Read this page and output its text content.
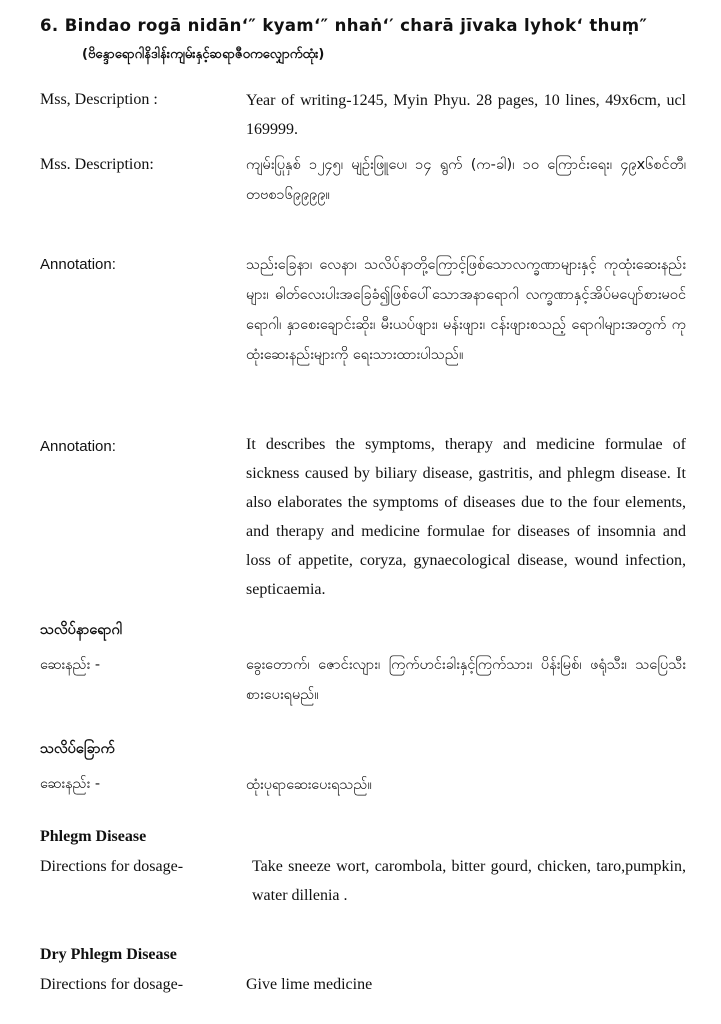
6. Bindao rogā nidān‘″ kyam‘″ nhaṅ‘′ charā jīvaka lyhok‘ thuṃ″
(ဗိန္ဒောရောဂါနိဒါန်းကျမ်းနှင့်ဆရာဇီဝကလျှောက်ထုံး)
Mss, Description :	Year of writing-1245, Myin Phyu. 28 pages, 10 lines, 49x6cm, ucl 169999.
Mss. Description:	ကျမ်းပြုနှစ် ၁၂၄၅၊ မျဉ်းဖြူပေ၊ ၁၄ ရွက် (က-ခါ)၊ ၁၀ ကြောင်းရေး၊ ၄၉x၆စင်တီ၊ တဗစ၁၆၉၉၉၉။
Annotation:	သည်းခြေနာ၊ လေနာ၊ သလိပ်နာတို့ကြောင့်ဖြစ်သောလက္ခဏာများနှင့် ကုထုံးဆေးနည်းများ၊ ဓါတ်လေးပါးအခြေခံ၍ဖြစ်ပေါ်သောအနာရောဂါ လက္ခဏာနှင့်အိပ်မပျော်စားမဝင်ရောဂါ၊ နှာစေးချောင်းဆိုး၊ မီးယပ်ဖျား၊ မန်းဖျား၊ ငန်းဖျားစသည့် ရောဂါများအတွက် ကုထုံးဆေးနည်းများကို ရေးသားထားပါသည်။
Annotation:	It describes the symptoms, therapy and medicine formulae of sickness caused by biliary disease, gastritis, and phlegm disease. It also elaborates the symptoms of diseases due to the four elements, and therapy and medicine formulae for diseases of insomnia and loss of appetite, coryza, gynaecological disease, wound infection, septicaemia.
သလိပ်နာရောဂါ
ဆေးနည်း -	ခွေးတောက်၊ ဇောင်းလျား၊ ကြက်ဟင်းခါးနှင့်ကြက်သား၊ ပိန်းမြစ်၊ ဖရုံသီး၊ သပြေသီး စားပေးရမည်။
သလိပ်ခြောက်
ဆေးနည်း -	ထုံးပုရာဆေးပေးရသည်။
Phlegm Disease
Directions for dosage-	Take sneeze wort, carombola, bitter gourd, chicken, taro,pumpkin, water dillenia .
Dry Phlegm Disease
Directions for dosage-	Give lime medicine
